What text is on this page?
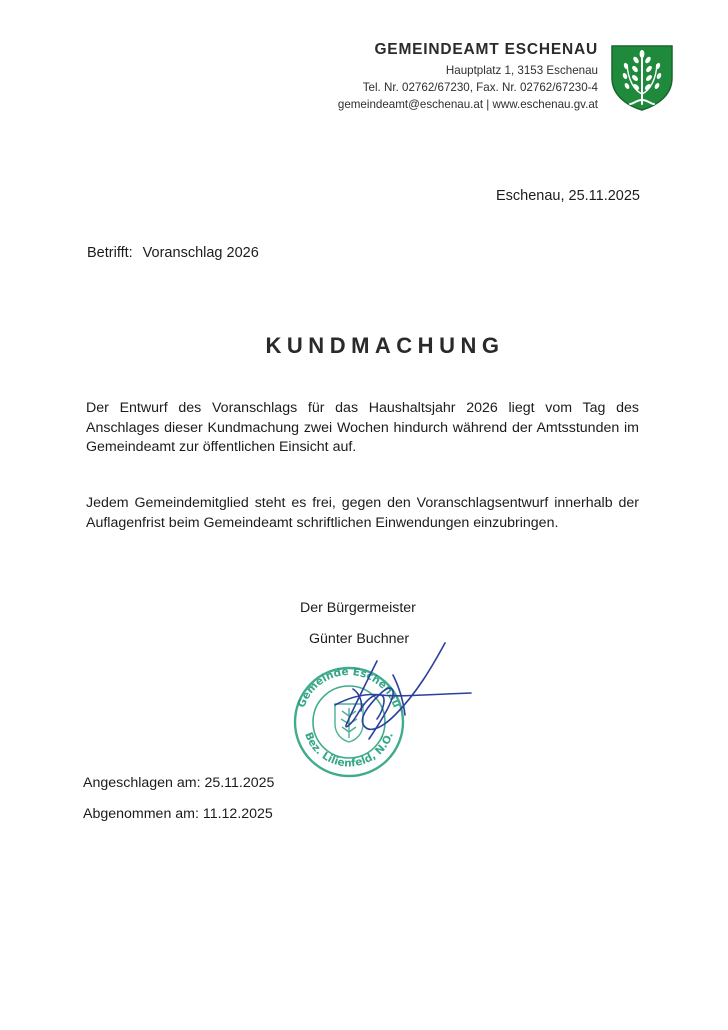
GEMEINDEAMT ESCHENAU
Hauptplatz 1, 3153 Eschenau
Tel. Nr. 02762/67230, Fax. Nr. 02762/67230-4
gemeindeamt@eschenau.at | www.eschenau.gv.at
Eschenau, 25.11.2025
Betrifft: Voranschlag 2026
KUNDMACHUNG
Der Entwurf des Voranschlags für das Haushaltsjahr 2026 liegt vom Tag des Anschlages dieser Kundmachung zwei Wochen hindurch während der Amtsstunden im Gemeindeamt zur öffentlichen Einsicht auf.
Jedem Gemeindemitglied steht es frei, gegen den Voranschlagsentwurf innerhalb der Auflagenfrist beim Gemeindeamt schriftlichen Einwendungen einzubringen.
Der Bürgermeister
Günter Buchner
Gemeinde Eschenau
Bez. Lilienfeld, N.Ö.
Angeschlagen am: 25.11.2025
Abgenommen am: 11.12.2025
